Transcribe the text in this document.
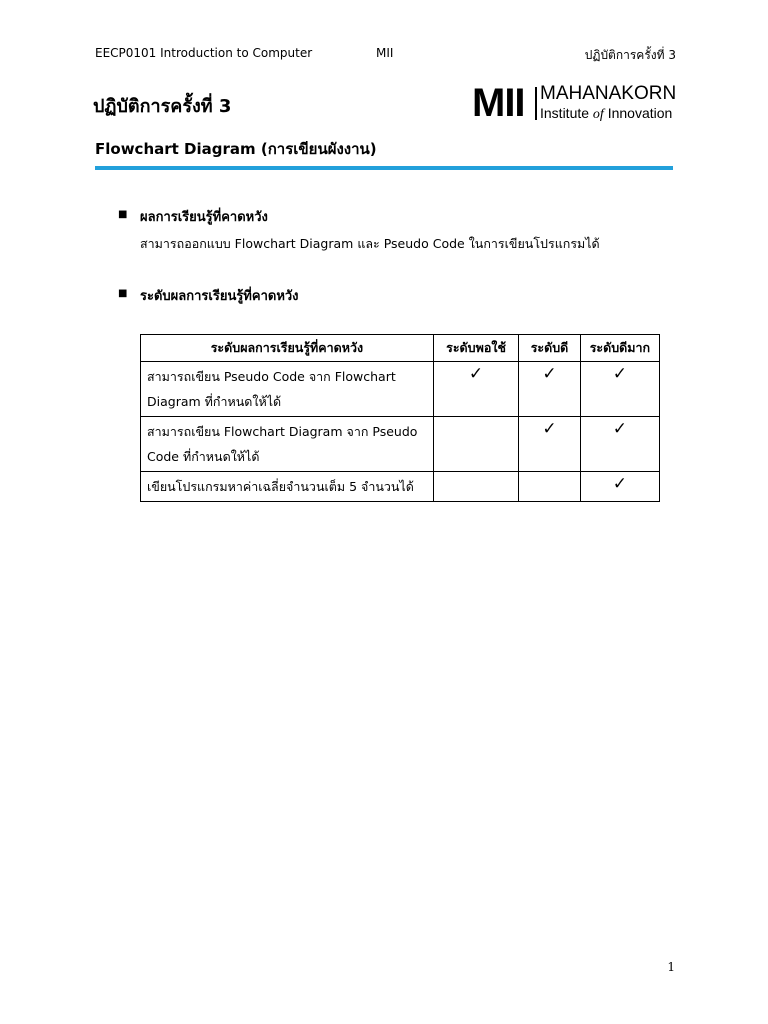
EECP0101 Introduction to Computer	MII	ปฏิบัติการครั้งที่ 3
ปฏิบัติการครั้งที่ 3	MII MAHANAKORN
Institute of Innovation
Flowchart Diagram (การเขียนผังงาน)
■ ผลการเรียนรู้ที่คาดหวัง
สามารถออกแบบ Flowchart Diagram และ Pseudo Code ในการเขียนโปรแกรมได้
■ ระดับผลการเรียนรู้ที่คาดหวัง
ระดับผลการเรียนรู้ที่คาดหวัง	ระดับพอใช้	ระดับดี	ระดับดีมาก

สามารถเขียน Pseudo Code จาก Flowchart
Diagram ที่กำหนดให้ได้	✓	✓	✓

สามารถเขียน Flowchart Diagram จาก Pseudo
Code ที่กำหนดให้ได้		✓	✓

เขียนโปรแกรมหาค่าเฉลี่ยจำนวนเต็ม 5 จำนวนได้			✓
1
